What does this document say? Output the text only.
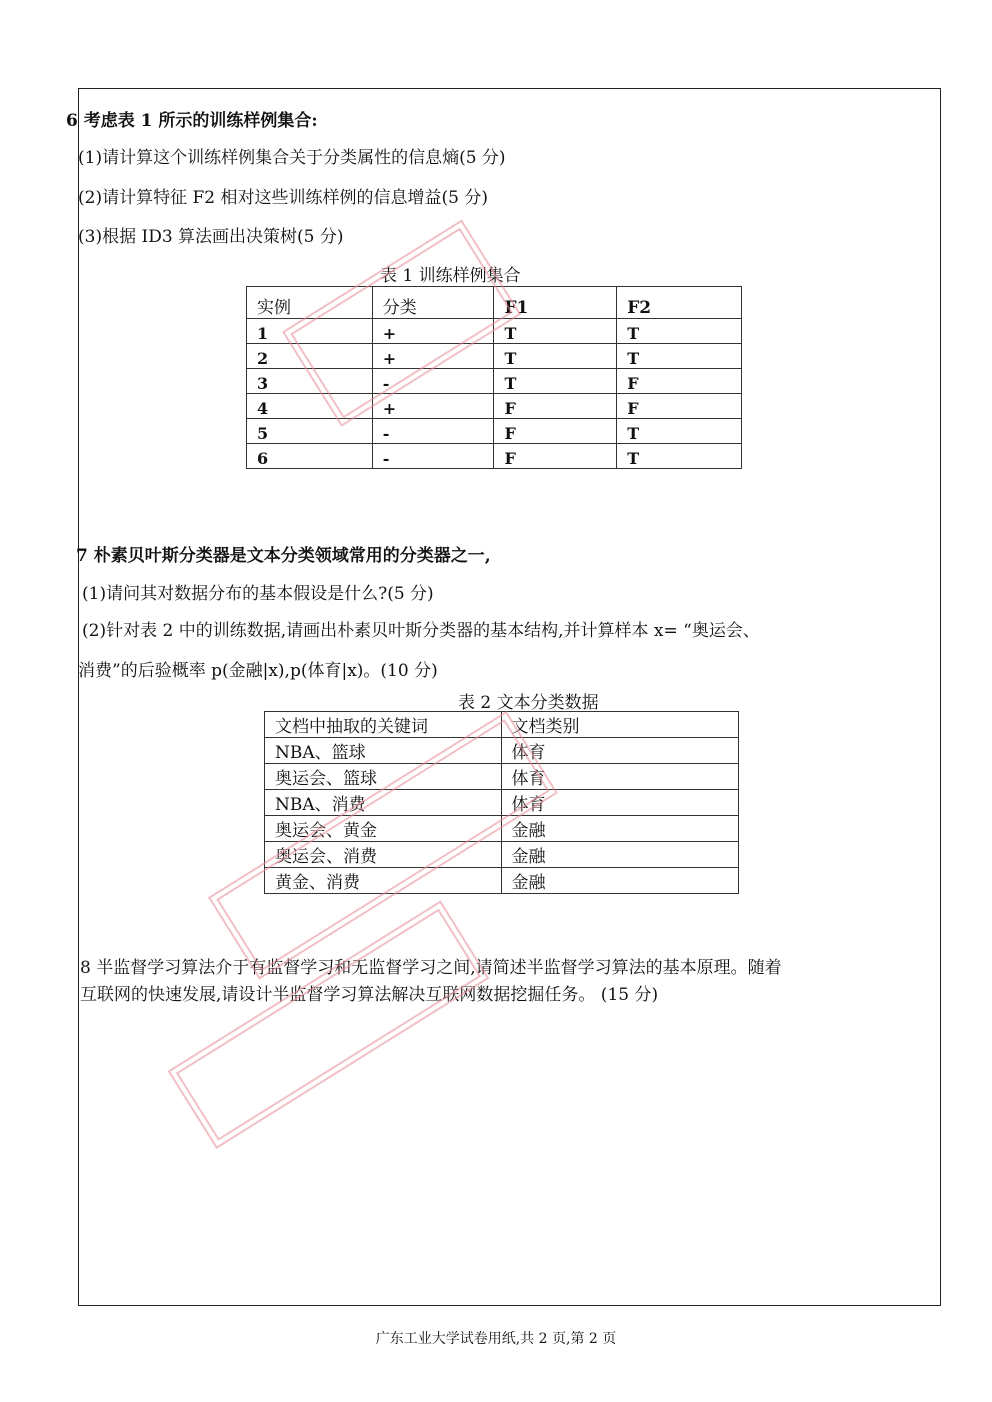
6 考虑表 1 所示的训练样例集合:
(1)请计算这个训练样例集合关于分类属性的信息熵(5 分)
(2)请计算特征 F2 相对这些训练样例的信息增益(5 分)
(3)根据 ID3 算法画出决策树(5 分)
表 1 训练样例集合
实例	分类	F1	F2
1	+	T	T
2	+	T	T
3	-	T	F
4	+	F	F
5	-	F	T
6	-	F	T
7 朴素贝叶斯分类器是文本分类领域常用的分类器之一,
(1)请问其对数据分布的基本假设是什么?(5 分)
(2)针对表 2 中的训练数据,请画出朴素贝叶斯分类器的基本结构,并计算样本 x= “奥运会、
消费”的后验概率 p(金融|x),p(体育|x)。(10 分)
表 2 文本分类数据
文档中抽取的关键词	文档类别
NBA、篮球	体育
奥运会、篮球	体育
NBA、消费	体育
奥运会、黄金	金融
奥运会、消费	金融
黄金、消费	金融
8 半监督学习算法介于有监督学习和无监督学习之间,请简述半监督学习算法的基本原理。随着
互联网的快速发展,请设计半监督学习算法解决互联网数据挖掘任务。 (15 分)
广东工业大学试卷用纸,共 2 页,第 2 页
